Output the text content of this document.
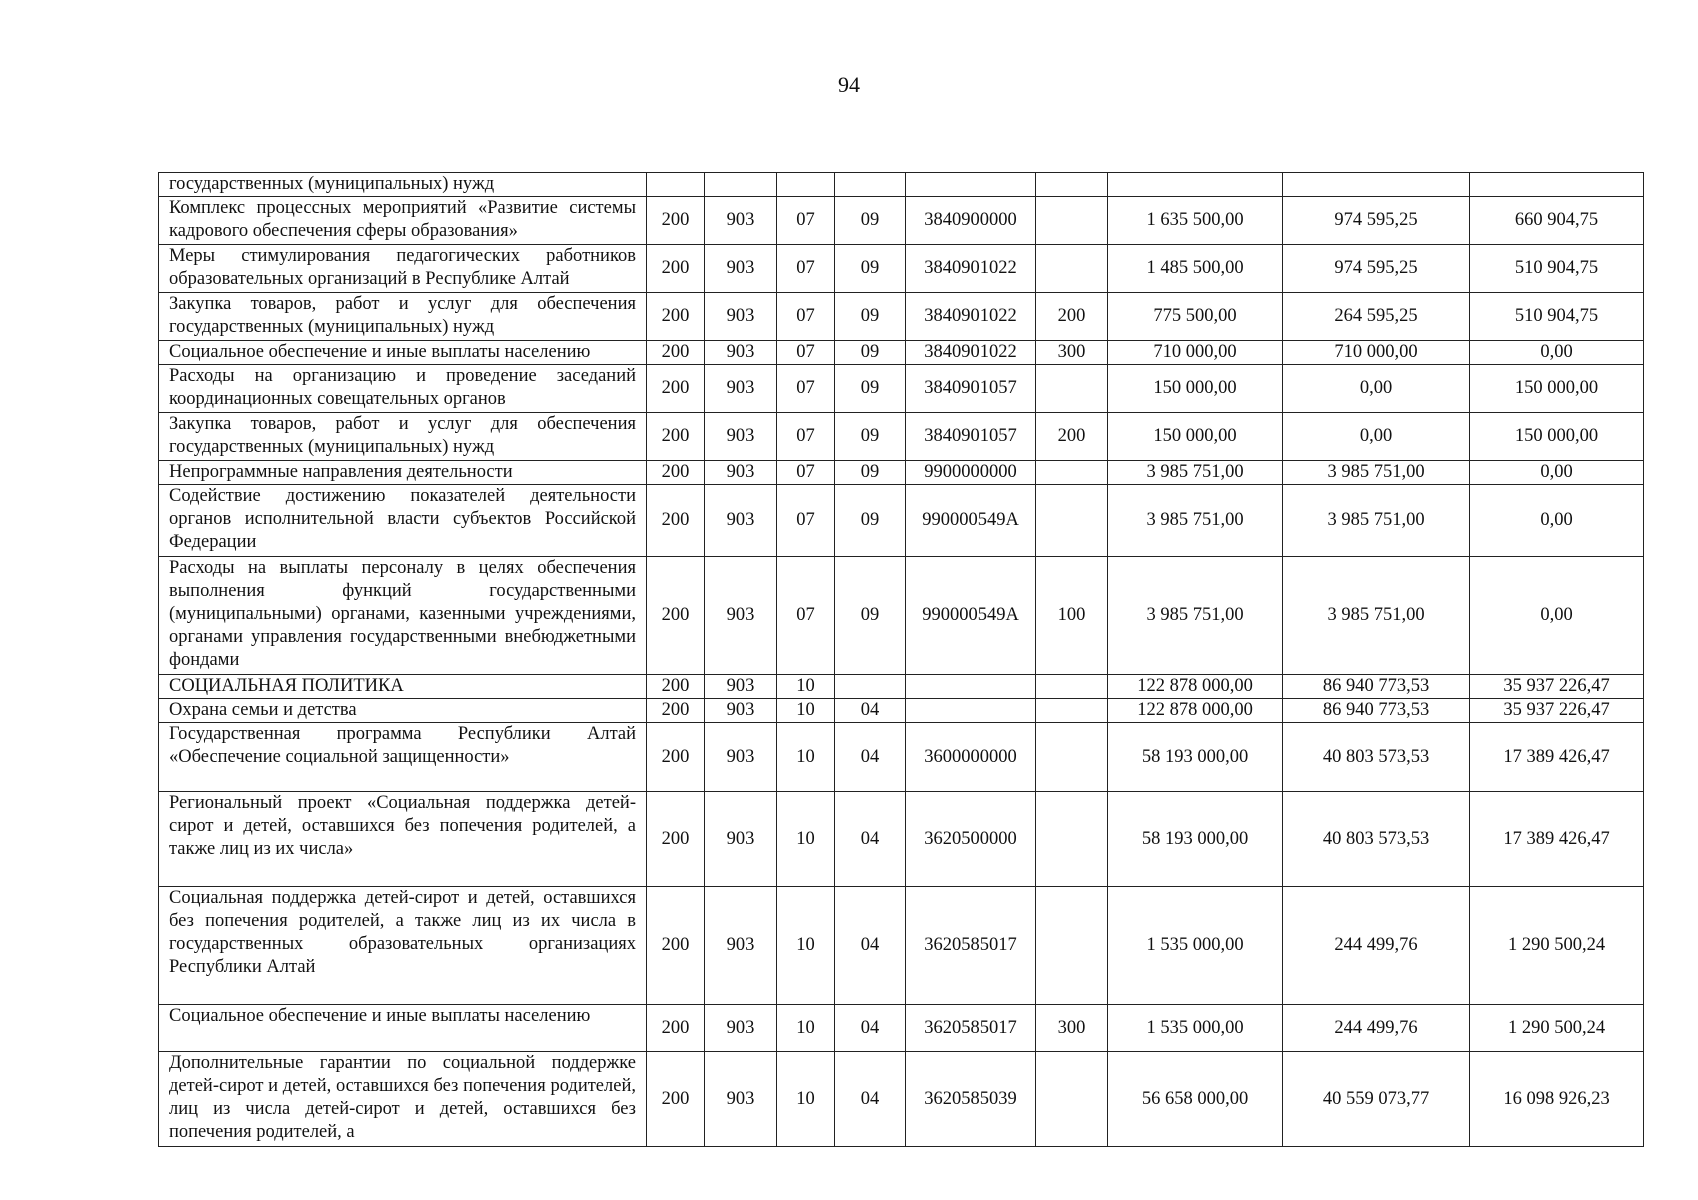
94
государственных (муниципальных) нужд									
Комплекс процессных мероприятий «Развитие системы кадрового обеспечения сферы образования»	200	903	07	09	3840900000		1 635 500,00	974 595,25	660 904,75
Меры стимулирования педагогических работников образовательных организаций в Республике Алтай	200	903	07	09	3840901022		1 485 500,00	974 595,25	510 904,75
Закупка товаров, работ и услуг для обеспечения государственных (муниципальных) нужд	200	903	07	09	3840901022	200	775 500,00	264 595,25	510 904,75
Социальное обеспечение и иные выплаты населению	200	903	07	09	3840901022	300	710 000,00	710 000,00	0,00
Расходы на организацию и проведение заседаний координационных совещательных органов	200	903	07	09	3840901057		150 000,00	0,00	150 000,00
Закупка товаров, работ и услуг для обеспечения государственных (муниципальных) нужд	200	903	07	09	3840901057	200	150 000,00	0,00	150 000,00
Непрограммные направления деятельности	200	903	07	09	9900000000		3 985 751,00	3 985 751,00	0,00
Содействие достижению показателей деятельности органов исполнительной власти субъектов Российской Федерации	200	903	07	09	990000549А		3 985 751,00	3 985 751,00	0,00
Расходы на выплаты персоналу в целях обеспечения выполнения функций государственными (муниципальными) органами, казенными учреждениями, органами управления государственными внебюджетными фондами	200	903	07	09	990000549А	100	3 985 751,00	3 985 751,00	0,00
СОЦИАЛЬНАЯ ПОЛИТИКА	200	903	10				122 878 000,00	86 940 773,53	35 937 226,47
Охрана семьи и детства	200	903	10	04			122 878 000,00	86 940 773,53	35 937 226,47
Государственная программа Республики Алтай «Обеспечение социальной защищенности»	200	903	10	04	3600000000		58 193 000,00	40 803 573,53	17 389 426,47
Региональный проект «Социальная поддержка детей-сирот и детей, оставшихся без попечения родителей, а также лиц из их числа»	200	903	10	04	3620500000		58 193 000,00	40 803 573,53	17 389 426,47
Социальная поддержка детей-сирот и детей, оставшихся без попечения родителей, а также лиц из их числа в государственных образовательных организациях Республики Алтай	200	903	10	04	3620585017		1 535 000,00	244 499,76	1 290 500,24
Социальное обеспечение и иные выплаты населению	200	903	10	04	3620585017	300	1 535 000,00	244 499,76	1 290 500,24
Дополнительные гарантии по социальной поддержке детей-сирот и детей, оставшихся без попечения родителей, лиц из числа детей-сирот и детей, оставшихся без попечения родителей, а	200	903	10	04	3620585039		56 658 000,00	40 559 073,77	16 098 926,23
